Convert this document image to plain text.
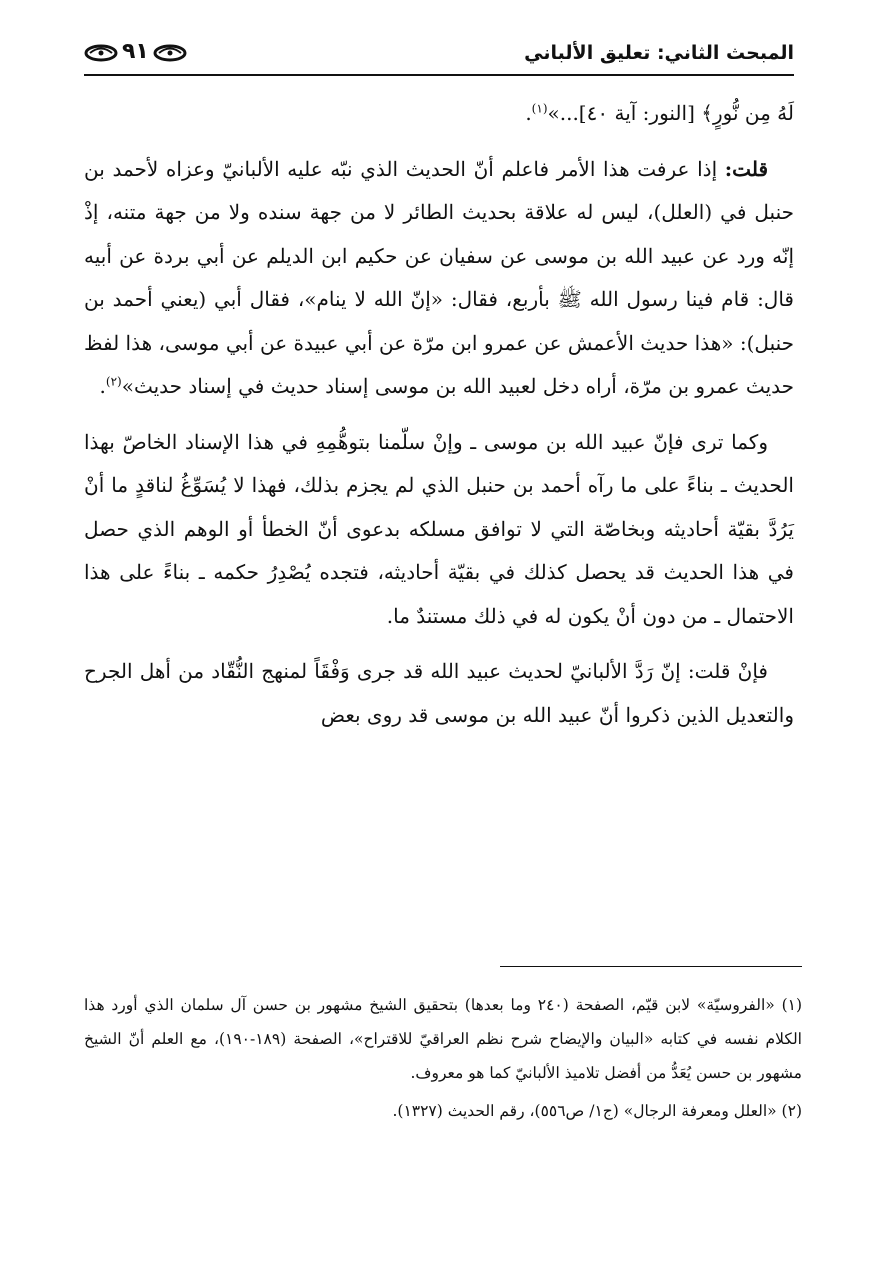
المبحث الثاني: تعليق الألباني
٩١

لَهُ مِن نُّورٍ﴾ [النور: آية ٤٠]...»$^{(١)}$.

قلت: إذا عرفت هذا الأمر فاعلم أنّ الحديث الذي نبّه عليه الألبانيّ وعزاه لأحمد بن حنبل في (العلل)، ليس له علاقة بحديث الطائر لا من جهة سنده ولا من جهة متنه، إذْ إنّه ورد عن عبيد الله بن موسى عن سفيان عن حكيم ابن الديلم عن أبي بردة عن أبيه قال: قام فينا رسول الله ﷺ بأربع، فقال: «إنّ الله لا ينام»، فقال أبي (يعني أحمد بن حنبل): «هذا حديث الأعمش عن عمرو ابن مرّة عن أبي عبيدة عن أبي موسى، هذا لفظ حديث عمرو بن مرّة، أراه دخل لعبيد الله بن موسى إسناد حديث في إسناد حديث»$^{(٢)}$.

وكما ترى فإنّ عبيد الله بن موسى ـ وإنْ سلّمنا بتوهُّمِهِ في هذا الإسناد الخاصّ بهذا الحديث ـ بناءً على ما رآه أحمد بن حنبل الذي لم يجزم بذلك، فهذا لا يُسَوِّغُ لناقدٍ ما أنْ يَرُدَّ بقيّة أحاديثه وبخاصّة التي لا توافق مسلكه بدعوى أنّ الخطأ أو الوهم الذي حصل في هذا الحديث قد يحصل كذلك في بقيّة أحاديثه، فتجده يُصْدِرُ حكمه ـ بناءً على هذا الاحتمال ـ من دون أنْ يكون له في ذلك مستندٌ ما.

فإنْ قلت: إنّ رَدَّ الألبانيّ لحديث عبيد الله قد جرى وَفْقَاً لمنهج النُّقّاد من أهل الجرح والتعديل الذين ذكروا أنّ عبيد الله بن موسى قد روى بعض

(١) «الفروسيّة» لابن قيّم، الصفحة (٢٤٠ وما بعدها) بتحقيق الشيخ مشهور بن حسن آل سلمان الذي أورد هذا الكلام نفسه في كتابه «البيان والإيضاح شرح نظم العراقيّ للاقتراح»، الصفحة (١٨٩-١٩٠)، مع العلم أنّ الشيخ مشهور بن حسن يُعَدُّ من أفضل تلاميذ الألبانيّ كما هو معروف.

(٢) «العلل ومعرفة الرجال» (ج١/ ص٥٥٦)، رقم الحديث (١٣٢٧).
